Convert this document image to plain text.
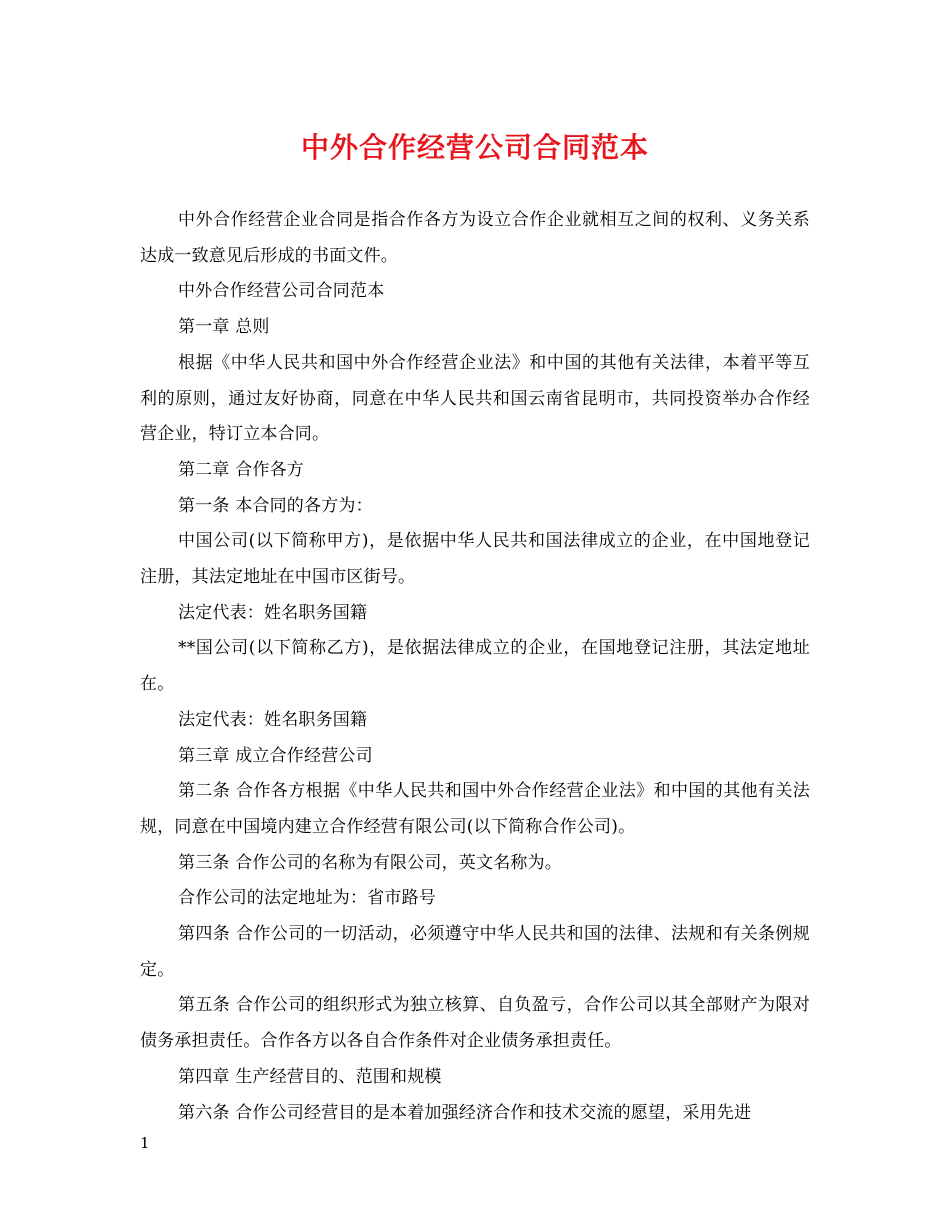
中外合作经营公司合同范本

中外合作经营企业合同是指合作各方为设立合作企业就相互之间的权利、义务关系达成一致意见后形成的书面文件。

中外合作经营公司合同范本

第一章 总则

根据《中华人民共和国中外合作经营企业法》和中国的其他有关法律，本着平等互利的原则，通过友好协商，同意在中华人民共和国云南省昆明市，共同投资举办合作经营企业，特订立本合同。

第二章 合作各方

第一条 本合同的各方为：

中国公司(以下简称甲方)，是依据中华人民共和国法律成立的企业，在中国地登记注册，其法定地址在中国市区街号。

法定代表：姓名职务国籍

**国公司(以下简称乙方)，是依据法律成立的企业，在国地登记注册，其法定地址在。

法定代表：姓名职务国籍

第三章 成立合作经营公司

第二条 合作各方根据《中华人民共和国中外合作经营企业法》和中国的其他有关法规，同意在中国境内建立合作经营有限公司(以下简称合作公司)。

第三条 合作公司的名称为有限公司，英文名称为。

合作公司的法定地址为：省市路号

第四条 合作公司的一切活动，必须遵守中华人民共和国的法律、法规和有关条例规定。

第五条 合作公司的组织形式为独立核算、自负盈亏，合作公司以其全部财产为限对债务承担责任。合作各方以各自合作条件对企业债务承担责任。

第四章 生产经营目的、范围和规模

第六条 合作公司经营目的是本着加强经济合作和技术交流的愿望，采用先进

1
